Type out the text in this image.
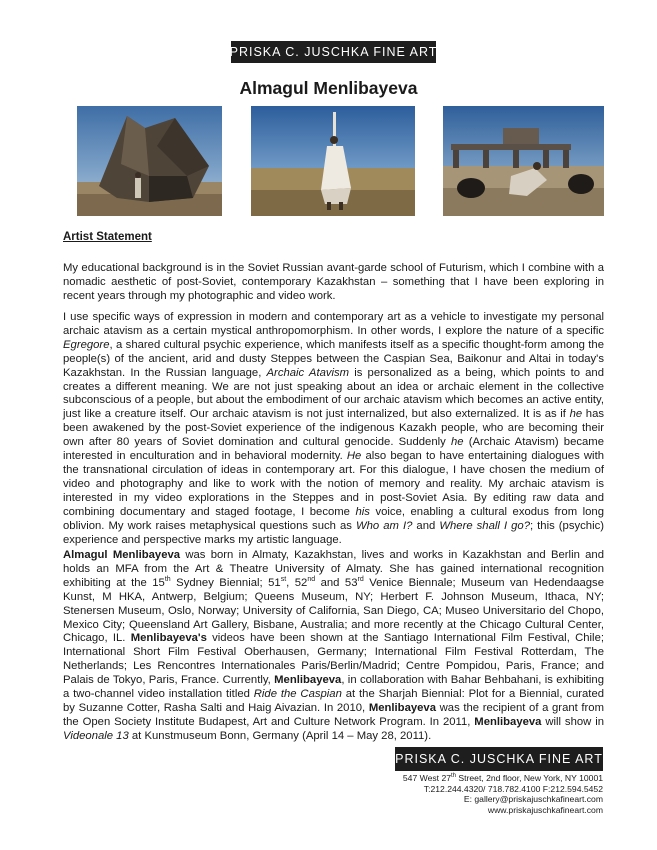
PRISKA C. JUSCHKA FINE ART
Almagul Menlibayeva
Artist Statement

My educational background is in the Soviet Russian avant-garde school of Futurism, which I combine with a nomadic aesthetic of post-Soviet, contemporary Kazakhstan – something that I have been exploring in recent years through my photographic and video work.

I use specific ways of expression in modern and contemporary art as a vehicle to investigate my personal archaic atavism as a certain mystical anthropomorphism. In other words, I explore the nature of a specific Egregore, a shared cultural psychic experience, which manifests itself as a specific thought-form among the people(s) of the ancient, arid and dusty Steppes between the Caspian Sea, Baikonur and Altai in today's Kazakhstan. In the Russian language, Archaic Atavism is personalized as a being, which points to and creates a different meaning. We are not just speaking about an idea or archaic element in the collective subconscious of a people, but about the embodiment of our archaic atavism which becomes an active entity, just like a creature itself. Our archaic atavism is not just internalized, but also externalized. It is as if he has been awakened by the post-Soviet experience of the indigenous Kazakh people, who are becoming their own after 80 years of Soviet domination and cultural genocide. Suddenly he (Archaic Atavism) became interested in enculturation and in behavioral modernity. He also began to have entertaining dialogues with the transnational circulation of ideas in contemporary art. For this dialogue, I have chosen the medium of video and photography and like to work with the notion of memory and reality. My archaic atavism is interested in my video explorations in the Steppes and in post-Soviet Asia. By editing raw data and combining documentary and staged footage, I become his voice, enabling a cultural exodus from long oblivion. My work raises metaphysical questions such as Who am I? and Where shall I go?; this (psychic) experience and perspective marks my artistic language.

Almagul Menlibayeva was born in Almaty, Kazakhstan, lives and works in Kazakhstan and Berlin and holds an MFA from the Art & Theatre University of Almaty. She has gained international recognition exhibiting at the 15th Sydney Biennial; 51st, 52nd and 53rd Venice Biennale; Museum van Hedendaagse Kunst, M HKA, Antwerp, Belgium; Queens Museum, NY; Herbert F. Johnson Museum, Ithaca, NY; Stenersen Museum, Oslo, Norway; University of California, San Diego, CA; Museo Universitario del Chopo, Mexico City; Queensland Art Gallery, Bisbane, Australia; and more recently at the Chicago Cultural Center, Chicago, IL. Menlibayeva's videos have been shown at the Santiago International Film Festival, Chile; International Short Film Festival Oberhausen, Germany; International Film Festival Rotterdam, The Netherlands; Les Rencontres Internationales Paris/Berlin/Madrid; Centre Pompidou, Paris, France; and Palais de Tokyo, Paris, France. Currently, Menlibayeva, in collaboration with Bahar Behbahani, is exhibiting a two-channel video installation titled Ride the Caspian at the Sharjah Biennial: Plot for a Biennial, curated by Suzanne Cotter, Rasha Salti and Haig Aivazian. In 2010, Menlibayeva was the recipient of a grant from the Open Society Institute Budapest, Art and Culture Network Program. In 2011, Menlibayeva will show in Videonale 13 at Kunstmuseum Bonn, Germany (April 14 – May 28, 2011).

PRISKA C. JUSCHKA FINE ART
547 West 27th Street, 2nd floor, New York, NY 10001
T:212.244.4320/ 718.782.4100 F:212.594.5452
E: gallery@priskajuschkafineart.com
www.priskajuschkafineart.com
